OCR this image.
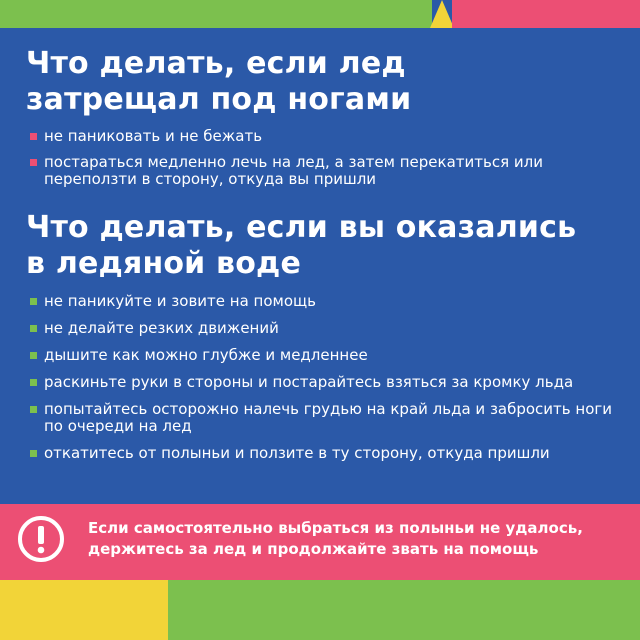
Что делать, если лед
затрещал под ногами
не паниковать и не бежать
постараться медленно лечь на лед, а затем перекатиться или переползти в сторону, откуда вы пришли
Что делать, если вы оказались
в ледяной воде
не паникуйте и зовите на помощь
не делайте резких движений
дышите как можно глубже и медленнее
раскиньте руки в стороны и постарайтесь взяться за кромку льда
попытайтесь осторожно налечь грудью на край льда и забросить ноги по очереди на лед
откатитесь от полыньи и ползите в ту сторону, откуда пришли
Если самостоятельно выбраться из полыньи не удалось,
держитесь за лед и продолжайте звать на помощь
